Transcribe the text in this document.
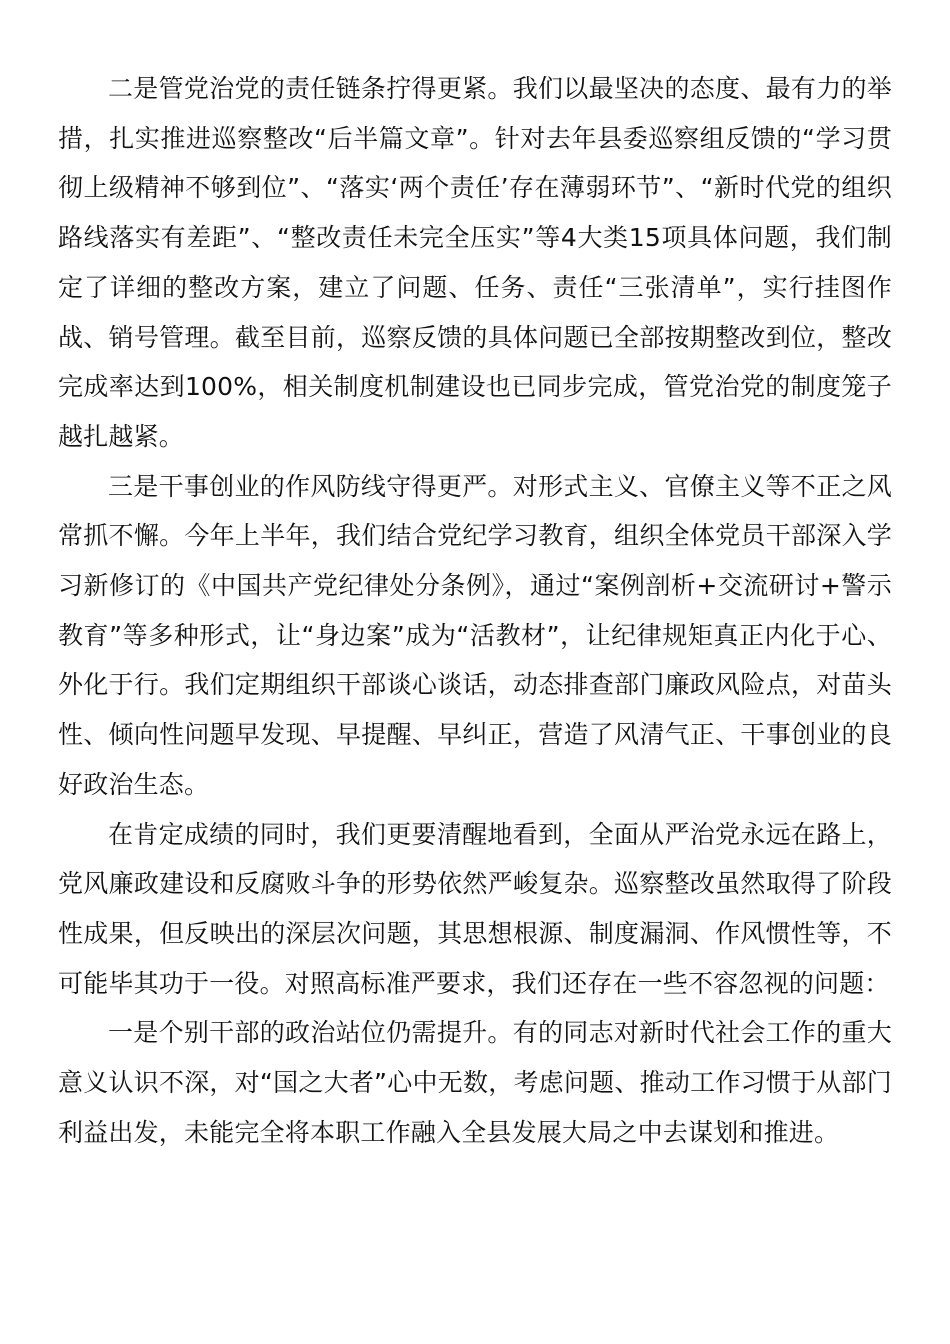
二是管党治党的责任链条拧得更紧。我们以最坚决的态度、最有力的举措，扎实推进巡察整改“后半篇文章”。针对去年县委巡察组反馈的“学习贯彻上级精神不够到位”、“落实‘两个责任’存在薄弱环节”、“新时代党的组织路线落实有差距”、“整改责任未完全压实”等4大类15项具体问题，我们制定了详细的整改方案，建立了问题、任务、责任“三张清单”，实行挂图作战、销号管理。截至目前，巡察反馈的具体问题已全部按期整改到位，整改完成率达到100%，相关制度机制建设也已同步完成，管党治党的制度笼子越扎越紧。

三是干事创业的作风防线守得更严。对形式主义、官僚主义等不正之风常抓不懈。今年上半年，我们结合党纪学习教育，组织全体党员干部深入学习新修订的《中国共产党纪律处分条例》，通过“案例剖析+交流研讨+警示教育”等多种形式，让“身边案”成为“活教材”，让纪律规矩真正内化于心、外化于行。我们定期组织干部谈心谈话，动态排查部门廉政风险点，对苗头性、倾向性问题早发现、早提醒、早纠正，营造了风清气正、干事创业的良好政治生态。

在肯定成绩的同时，我们更要清醒地看到，全面从严治党永远在路上，党风廉政建设和反腐败斗争的形势依然严峻复杂。巡察整改虽然取得了阶段性成果，但反映出的深层次问题，其思想根源、制度漏洞、作风惯性等，不可能毕其功于一役。对照高标准严要求，我们还存在一些不容忽视的问题：

一是个别干部的政治站位仍需提升。有的同志对新时代社会工作的重大意义认识不深，对“国之大者”心中无数，考虑问题、推动工作习惯于从部门利益出发，未能完全将本职工作融入全县发展大局之中去谋划和推进。
